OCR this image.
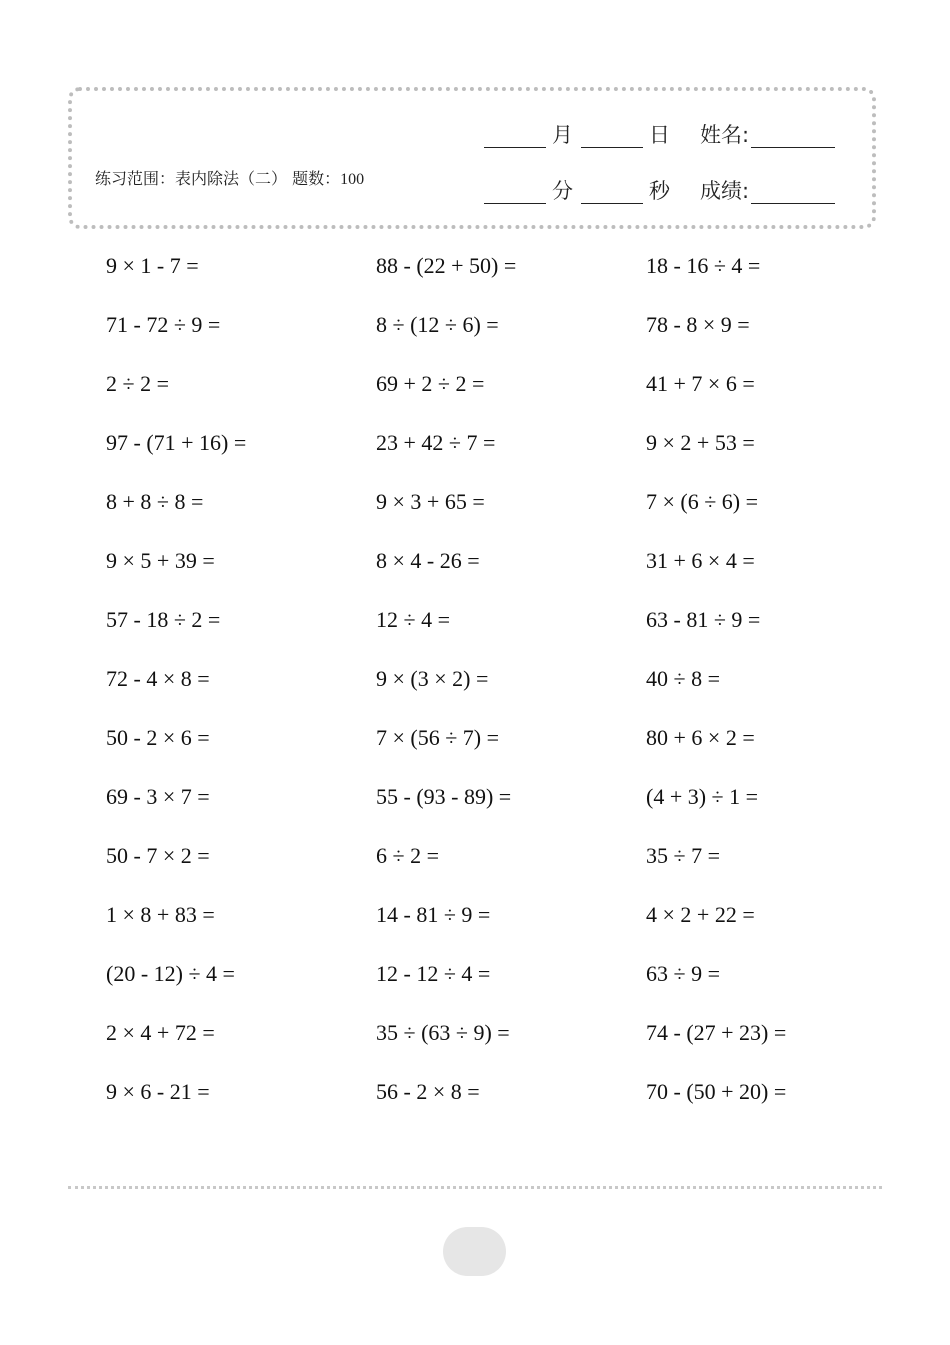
练习范围：表内除法（二） 题数：100
月	日 姓名:
分	秒 成绩:
9 × 1 - 7 =
71 - 72 ÷ 9 =
2 ÷ 2 =
97 - (71 + 16) =
8 + 8 ÷ 8 =
9 × 5 + 39 =
57 - 18 ÷ 2 =
72 - 4 × 8 =
50 - 2 × 6 =
69 - 3 × 7 =
50 - 7 × 2 =
1 × 8 + 83 =
(20 - 12) ÷ 4 =
2 × 4 + 72 =
9 × 6 - 21 =
88 - (22 + 50) =
8 ÷ (12 ÷ 6) =
69 + 2 ÷ 2 =
23 + 42 ÷ 7 =
9 × 3 + 65 =
8 × 4 - 26 =
12 ÷ 4 =
9 × (3 × 2) =
7 × (56 ÷ 7) =
55 - (93 - 89) =
6 ÷ 2 =
14 - 81 ÷ 9 =
12 - 12 ÷ 4 =
35 ÷ (63 ÷ 9) =
56 - 2 × 8 =
18 - 16 ÷ 4 =
78 - 8 × 9 =
41 + 7 × 6 =
9 × 2 + 53 =
7 × (6 ÷ 6) =
31 + 6 × 4 =
63 - 81 ÷ 9 =
40 ÷ 8 =
80 + 6 × 2 =
(4 + 3) ÷ 1 =
35 ÷ 7 =
4 × 2 + 22 =
63 ÷ 9 =
74 - (27 + 23) =
70 - (50 + 20) =
